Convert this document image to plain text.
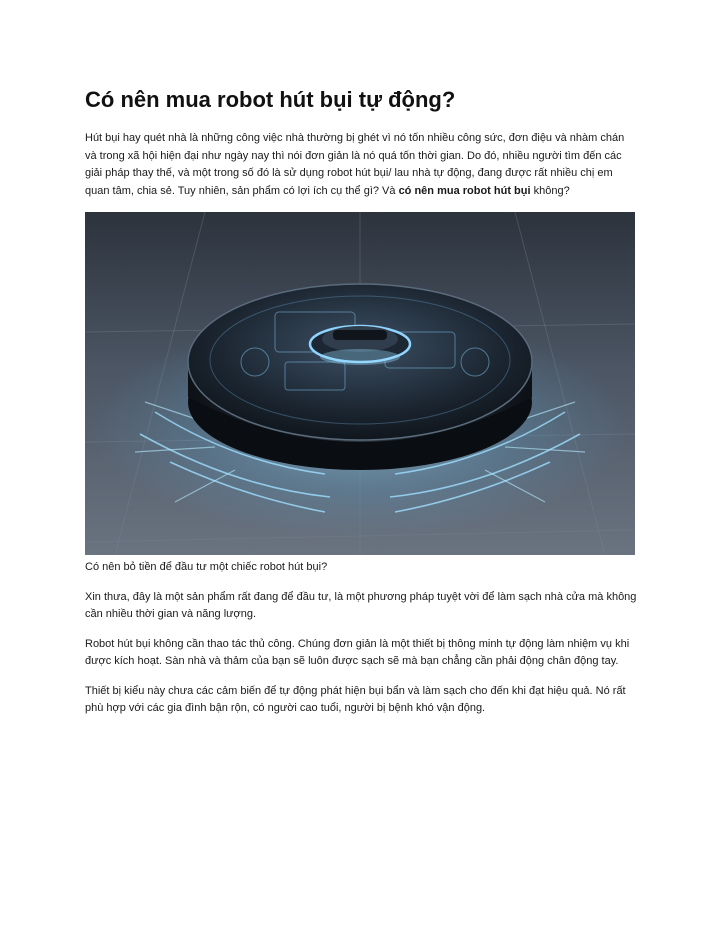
Có nên mua robot hút bụi tự động?

Hút bụi hay quét nhà là những công việc nhà thường bị ghét vì nó tốn nhiều công sức, đơn điệu và nhàm chán và trong xã hội hiện đại như ngày nay thì nói đơn giản là nó quá tốn thời gian. Do đó, nhiều người tìm đến các giải pháp thay thế, và một trong số đó là sử dụng robot hút bụi/ lau nhà tự động, đang được rất nhiều chị em quan tâm, chia sẻ. Tuy nhiên, sản phẩm có lợi ích cụ thể gì? Và có nên mua robot hút bụi không?

Có nên bỏ tiền để đầu tư một chiếc robot hút bụi?

Xin thưa, đây là một sản phẩm rất đang để đầu tư, là một phương pháp tuyệt vời để làm sạch nhà cửa mà không cần nhiều thời gian và năng lượng.

Robot hút bụi không cần thao tác thủ công. Chúng đơn giản là một thiết bị thông minh tự động làm nhiệm vụ khi được kích hoạt. Sàn nhà và thảm của bạn sẽ luôn được sạch sẽ mà bạn chẳng cần phải động chân động tay.

Thiết bị kiểu này chưa các cảm biến để tự động phát hiện bụi bẩn và làm sạch cho đến khi đạt hiệu quả. Nó rất phù hợp với các gia đình bận rộn, có người cao tuổi, người bị bệnh khó vận động.
